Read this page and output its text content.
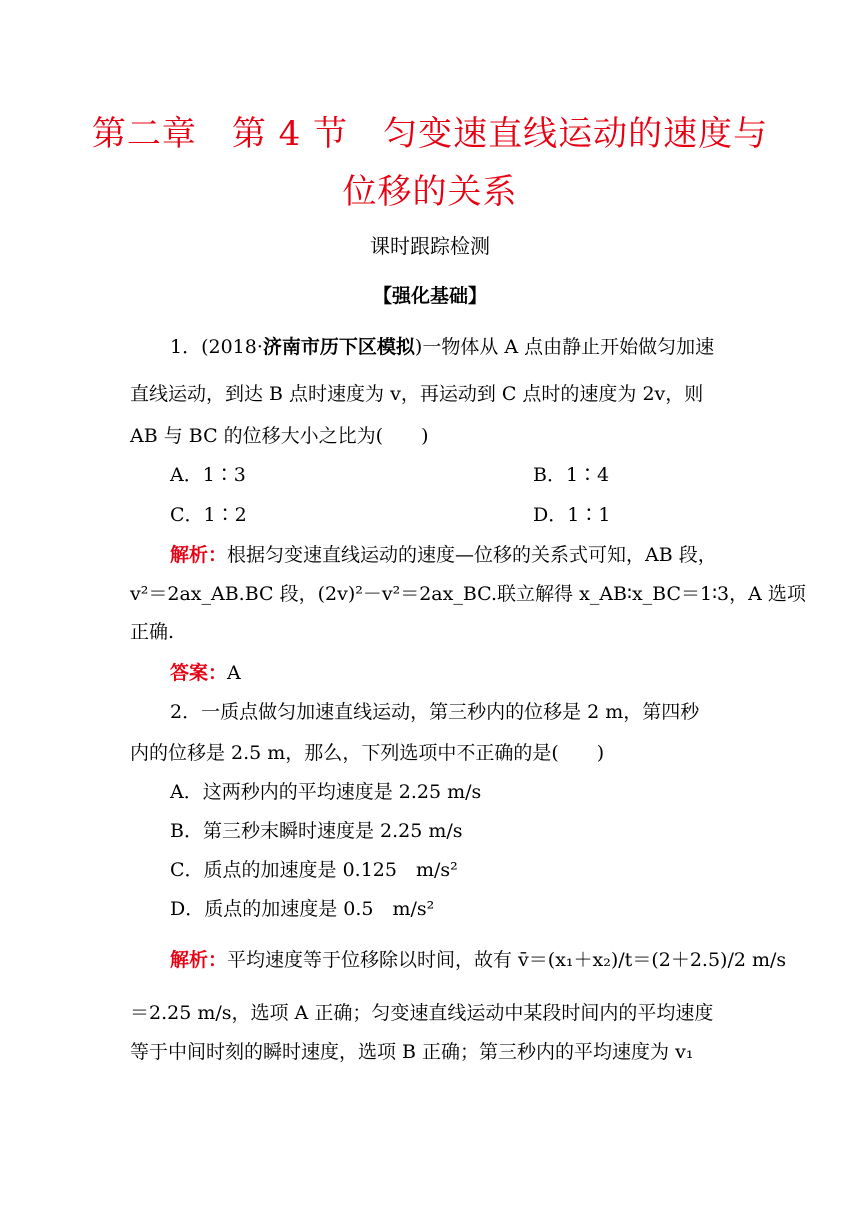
第二章　第 4 节　匀变速直线运动的速度与
位移的关系
课时跟踪检测
【强化基础】
1．(2018·济南市历下区模拟)一物体从 A 点由静止开始做匀加速
直线运动，到达 B 点时速度为 v，再运动到 C 点时的速度为 2v，则
AB 与 BC 的位移大小之比为(　　)
A．1∶3	B．1∶4
C．1∶2	D．1∶1
解析：根据匀变速直线运动的速度—位移的关系式可知，AB 段，
v²＝2ax_AB.BC 段，(2v)²－v²＝2ax_BC.联立解得 x_AB∶x_BC＝1∶3，A 选项
正确.
答案：A
2．一质点做匀加速直线运动，第三秒内的位移是 2 m，第四秒
内的位移是 2.5 m，那么，下列选项中不正确的是(　　)
A．这两秒内的平均速度是 2.25 m/s
B．第三秒末瞬时速度是 2.25 m/s
C．质点的加速度是 0.125　m/s²
D．质点的加速度是 0.5　m/s²
解析：平均速度等于位移除以时间，故有 v̄＝(x₁＋x₂)/t＝(2＋2.5)/2 m/s
＝2.25 m/s，选项 A 正确；匀变速直线运动中某段时间内的平均速度
等于中间时刻的瞬时速度，选项 B 正确；第三秒内的平均速度为 v₁
